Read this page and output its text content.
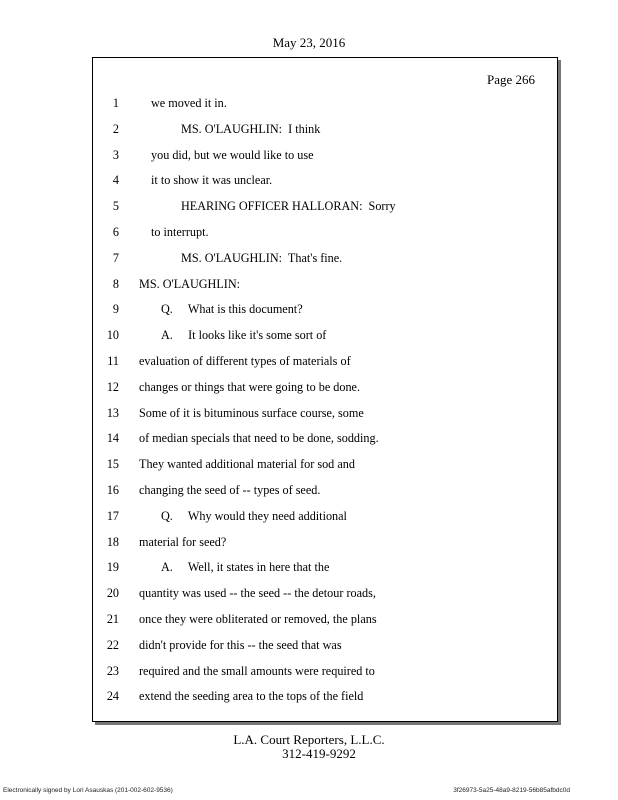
May 23, 2016
Page 266
1	we moved it in.
2	MS. O'LAUGHLIN:  I think
3	you did, but we would like to use
4	it to show it was unclear.
5	HEARING OFFICER HALLORAN:  Sorry
6	to interrupt.
7	MS. O'LAUGHLIN:  That's fine.
8 MS. O'LAUGHLIN:
9	Q.     What is this document?
10	A.     It looks like it's some sort of
11 evaluation of different types of materials of
12 changes or things that were going to be done.
13 Some of it is bituminous surface course, some
14 of median specials that need to be done, sodding.
15 They wanted additional material for sod and
16 changing the seed of -- types of seed.
17	Q.     Why would they need additional
18 material for seed?
19	A.     Well, it states in here that the
20 quantity was used -- the seed -- the detour roads,
21 once they were obliterated or removed, the plans
22 didn't provide for this -- the seed that was
23 required and the small amounts were required to
24 extend the seeding area to the tops of the field
L.A. Court Reporters, L.L.C.
312-419-9292
Electronically signed by Lori Asauskas (201-002-602-9536)	3f26973-5a25-48a9-8219-56b85afbdc0d
